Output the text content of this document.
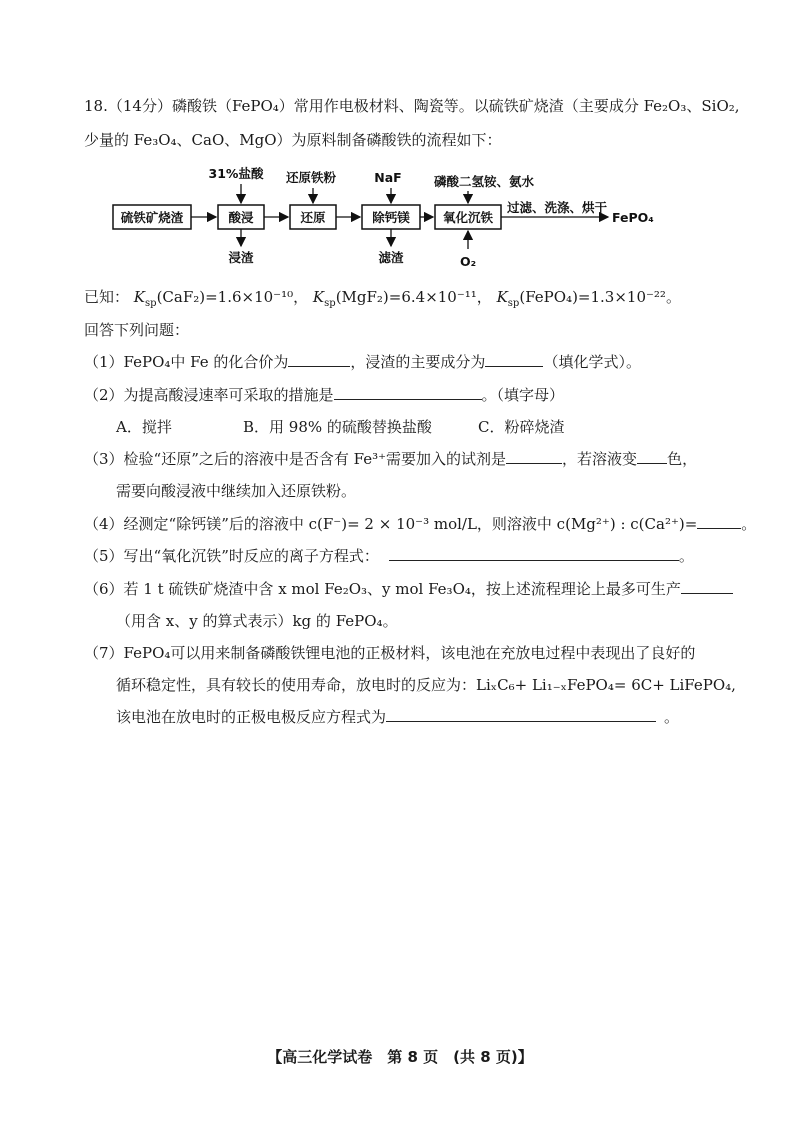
18.（14分）磷酸铁（FePO₄）常用作电极材料、陶瓷等。以硫铁矿烧渣（主要成分 Fe₂O₃、SiO₂,
少量的 Fe₃O₄、CaO、MgO）为原料制备磷酸铁的流程如下：
硫铁矿烧渣	酸浸	还原	除钙镁	氧化沉铁
过滤、洗涤、烘干
FePO₄
31%盐酸 还原铁粉	NaF	磷酸二氢铵、氨水
浸渣	滤渣	O₂
已知： $K_{sp}(CaF_2)=1.6\times 10^{-10}$， $K_{sp}(MgF_2)=6.4\times 10^{-11}$， $K_{sp}(FePO_4)=1.3\times 10^{-22}$。
回答下列问题：
（1）FePO₄中 Fe 的化合价为	，浸渣的主要成分为	（填化学式）。
（2）为提高酸浸速率可采取的措施是	。（填字母）
A．搅拌	B．用 98% 的硫酸替换盐酸	C．粉碎烧渣
（3）检验“还原”之后的溶液中是否含有 Fe³⁺需要加入的试剂是	，若溶液变 色，
需要向酸浸液中继续加入还原铁粉。
（4）经测定“除钙镁”后的溶液中 c(F⁻)= 2 × 10⁻³ mol/L，则溶液中 c(Mg²⁺) : c(Ca²⁺)=	。
（5）写出“氧化沉铁”时反应的离子方程式：	。
（6）若 1 t 硫铁矿烧渣中含 x mol Fe₂O₃、y mol Fe₃O₄，按上述流程理论上最多可生产
（用含 x、y 的算式表示）kg 的 FePO₄。
（7）FePO₄可以用来制备磷酸铁锂电池的正极材料，该电池在充放电过程中表现出了良好的
循环稳定性，具有较长的使用寿命，放电时的反应为：LiₓC₆+ Li₁₋ₓFePO₄= 6C+ LiFePO₄,
该电池在放电时的正极电极反应方程式为	。
【高三化学试卷　第 8 页　(共 8 页)】
